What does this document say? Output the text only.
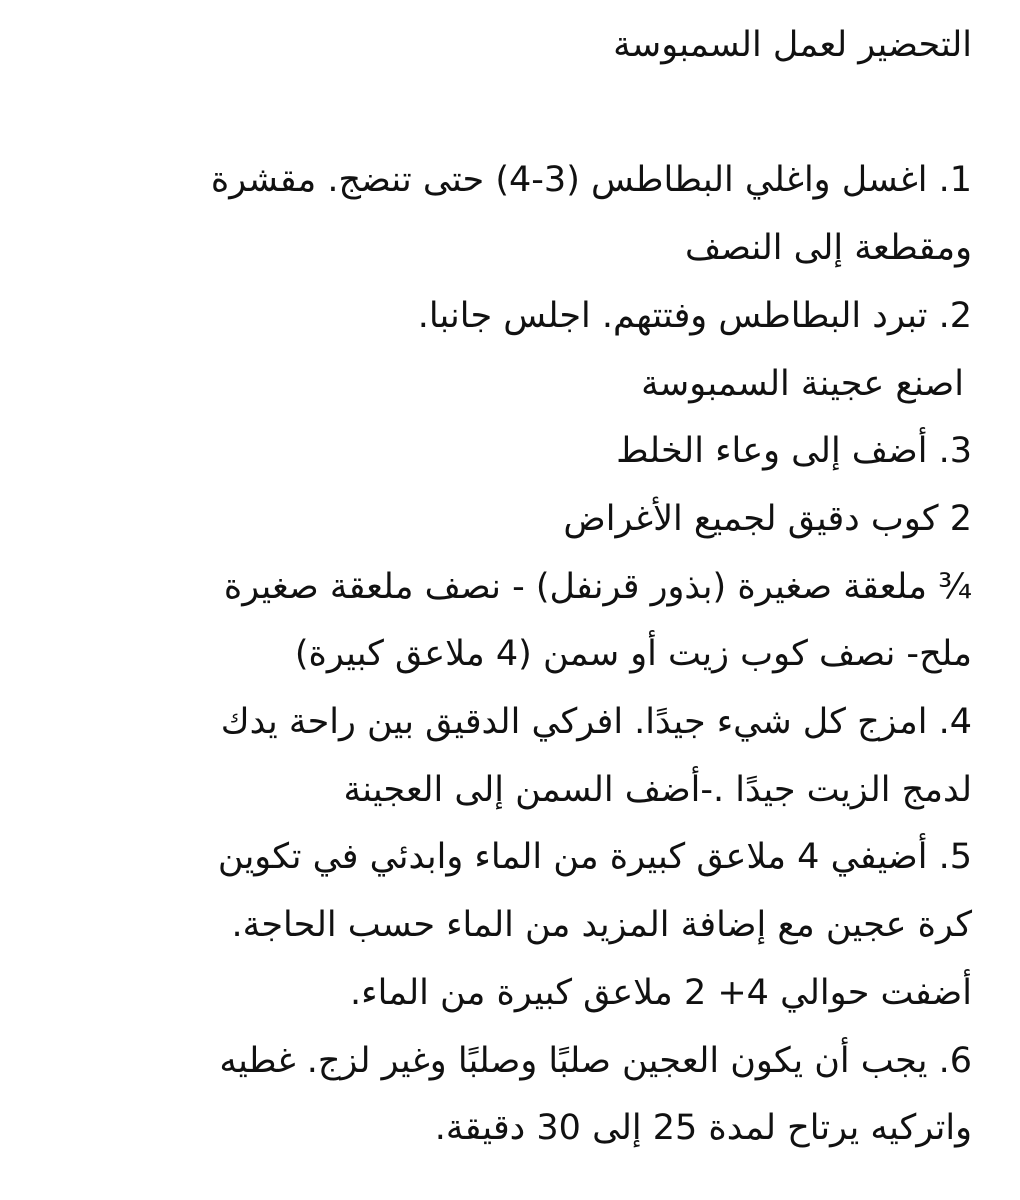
التحضير لعمل السمبوسة
1. اغسل واغلي البطاطس (3-4) حتى تنضج. مقشرة
ومقطعة إلى النصف
2. تبرد البطاطس وفتتهم. اجلس جانبا.
اصنع عجينة السمبوسة
3. أضف إلى وعاء الخلط
2 كوب دقيق لجميع الأغراض
¾ ملعقة صغيرة (بذور قرنفل) - نصف ملعقة صغيرة
ملح- نصف كوب زيت أو سمن (4 ملاعق كبيرة)
4. امزج كل شيء جيدًا. افركي الدقيق بين راحة يدك
لدمج الزيت جيدًا .-أضف السمن إلى العجينة
5. أضيفي 4 ملاعق كبيرة من الماء وابدئي في تكوين
كرة عجين مع إضافة المزيد من الماء حسب الحاجة.
أضفت حوالي 4+ 2 ملاعق كبيرة من الماء.
6. يجب أن يكون العجين صلبًا وصلبًا وغير لزج. غطيه
واتركيه يرتاح لمدة 25 إلى 30 دقيقة.
